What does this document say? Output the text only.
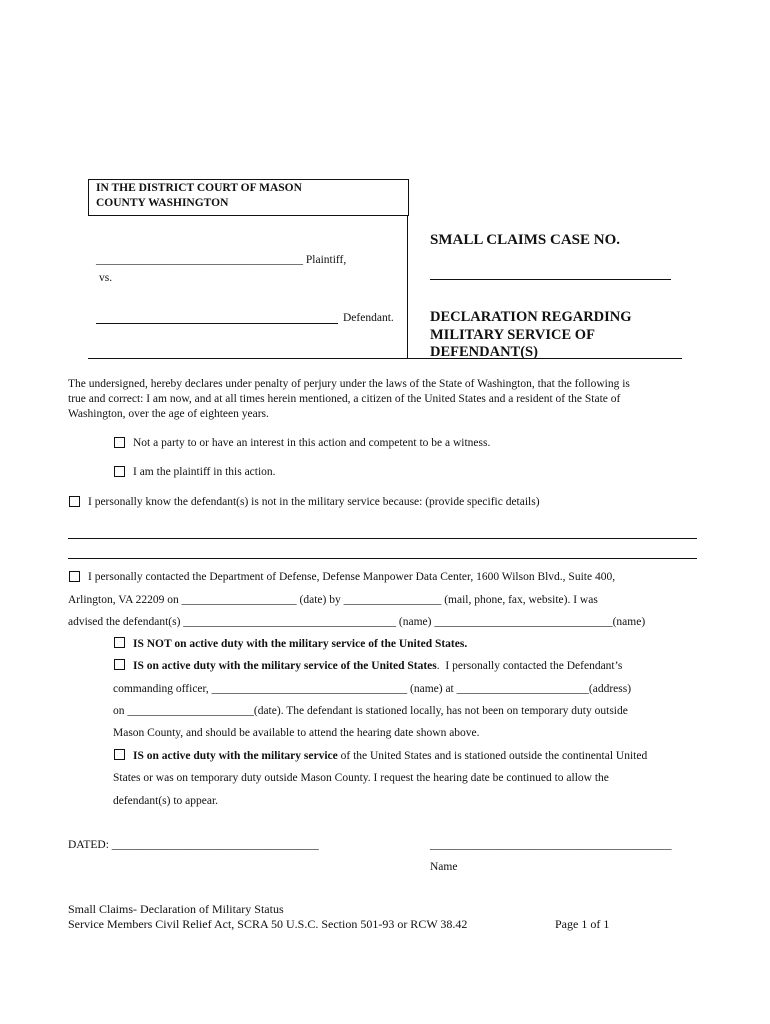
IN THE DISTRICT COURT OF MASON
COUNTY WASHINGTON
____________________________________ Plaintiff,
vs.
Defendant.
SMALL CLAIMS CASE NO.
DECLARATION REGARDING
MILITARY SERVICE OF
DEFENDANT(S)
The undersigned, hereby declares under penalty of perjury under the laws of the State of Washington, that the following is
true and correct: I am now, and at all times herein mentioned, a citizen of the United States and a resident of the State of
Washington, over the age of eighteen years.
Not a party to or have an interest in this action and competent to be a witness.
I am the plaintiff in this action.
I personally know the defendant(s) is not in the military service because: (provide specific details)
I personally contacted the Department of Defense, Defense Manpower Data Center, 1600 Wilson Blvd., Suite 400,
Arlington, VA 22209 on ____________________ (date) by _________________ (mail, phone, fax, website). I was
advised the defendant(s) _____________________________________ (name) _______________________________(name)
IS NOT on active duty with the military service of the United States.
IS on active duty with the military service of the United States.  I personally contacted the Defendant’s
commanding officer, __________________________________ (name) at _______________________(address)
on ______________________(date). The defendant is stationed locally, has not been on temporary duty outside
Mason County, and should be available to attend the hearing date shown above.
IS on active duty with the military service of the United States and is stationed outside the continental United
States or was on temporary duty outside Mason County. I request the hearing date be continued to allow the
defendant(s) to appear.
DATED: ____________________________________	__________________________________________
Name
Small Claims- Declaration of Military Status
Service Members Civil Relief Act, SCRA 50 U.S.C. Section 501-93 or RCW 38.42	Page 1 of 1
